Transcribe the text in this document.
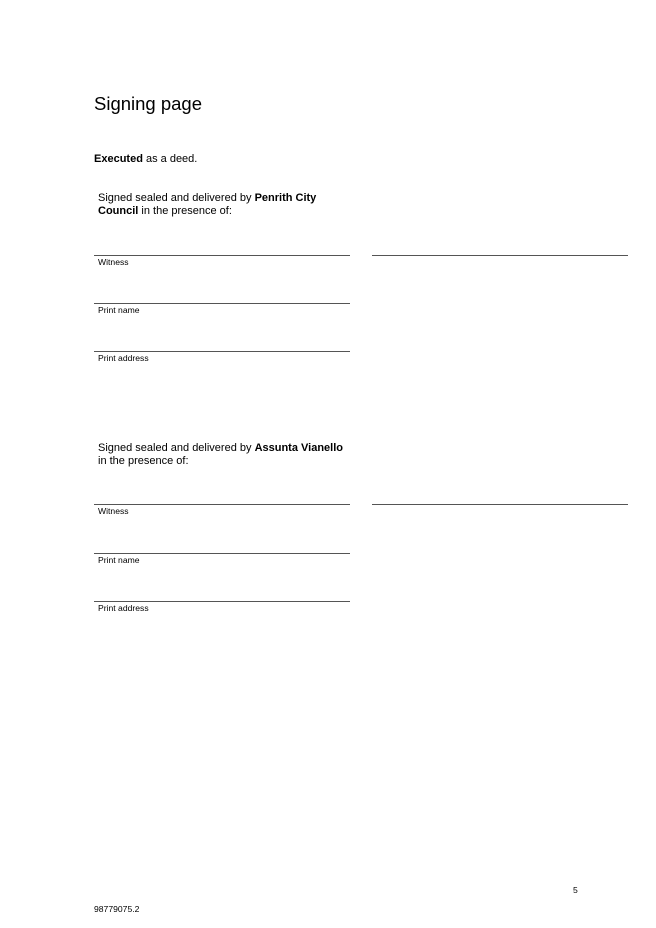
Signing page
Executed as a deed.
Signed sealed and delivered by Penrith City Council in the presence of:
Witness
Print name
Print address
Signed sealed and delivered by Assunta Vianello in the presence of:
Witness
Print name
Print address
5
98779075.2
